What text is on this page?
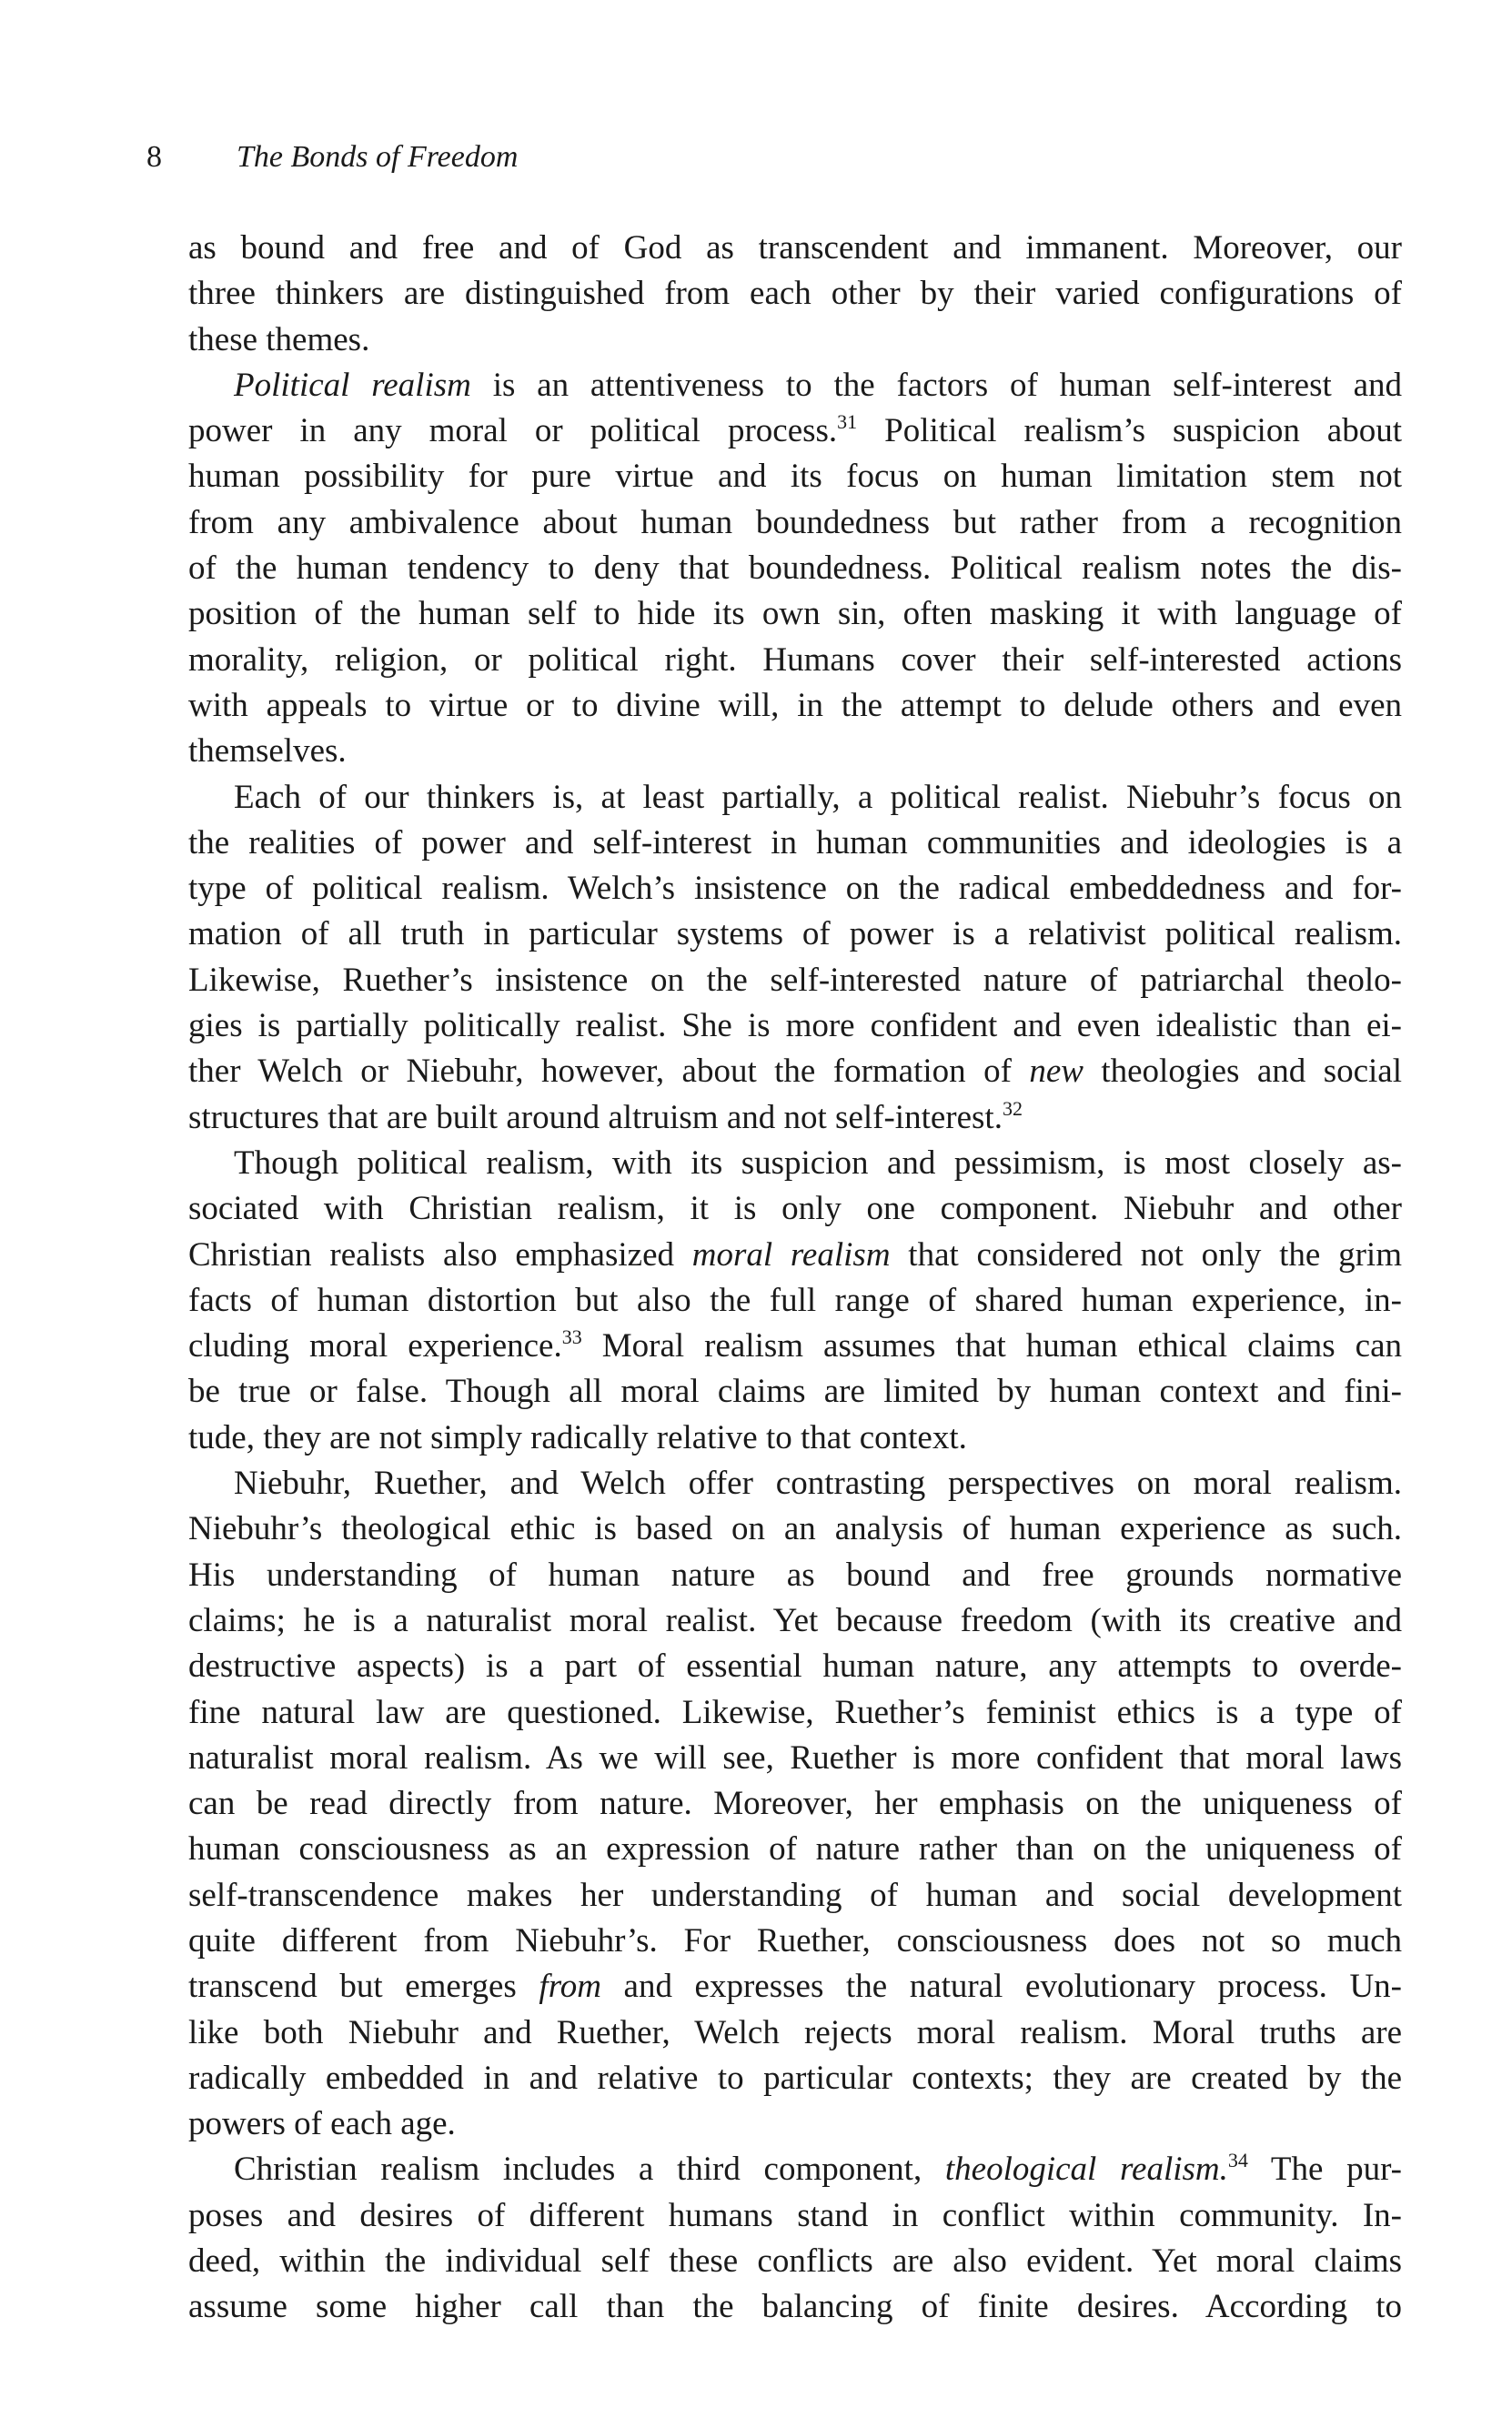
8 The Bonds of Freedom
as bound and free and of God as transcendent and immanent. Moreover, our
three thinkers are distinguished from each other by their varied configurations of
these themes.
Political realism is an attentiveness to the factors of human self-interest and
power in any moral or political process.$^{31}$ Political realism’s suspicion about
human possibility for pure virtue and its focus on human limitation stem not
from any ambivalence about human boundedness but rather from a recognition
of the human tendency to deny that boundedness. Political realism notes the dis-
position of the human self to hide its own sin, often masking it with language of
morality, religion, or political right. Humans cover their self-interested actions
with appeals to virtue or to divine will, in the attempt to delude others and even
themselves.
Each of our thinkers is, at least partially, a political realist. Niebuhr’s focus on
the realities of power and self-interest in human communities and ideologies is a
type of political realism. Welch’s insistence on the radical embeddedness and for-
mation of all truth in particular systems of power is a relativist political realism.
Likewise, Ruether’s insistence on the self-interested nature of patriarchal theolo-
gies is partially politically realist. She is more confident and even idealistic than ei-
ther Welch or Niebuhr, however, about the formation of new theologies and social
structures that are built around altruism and not self-interest.$^{32}$
Though political realism, with its suspicion and pessimism, is most closely as-
sociated with Christian realism, it is only one component. Niebuhr and other
Christian realists also emphasized moral realism that considered not only the grim
facts of human distortion but also the full range of shared human experience, in-
cluding moral experience.$^{33}$ Moral realism assumes that human ethical claims can
be true or false. Though all moral claims are limited by human context and fini-
tude, they are not simply radically relative to that context.
Niebuhr, Ruether, and Welch offer contrasting perspectives on moral realism.
Niebuhr’s theological ethic is based on an analysis of human experience as such.
His understanding of human nature as bound and free grounds normative
claims; he is a naturalist moral realist. Yet because freedom (with its creative and
destructive aspects) is a part of essential human nature, any attempts to overde-
fine natural law are questioned. Likewise, Ruether’s feminist ethics is a type of
naturalist moral realism. As we will see, Ruether is more confident that moral laws
can be read directly from nature. Moreover, her emphasis on the uniqueness of
human consciousness as an expression of nature rather than on the uniqueness of
self-transcendence makes her understanding of human and social development
quite different from Niebuhr’s. For Ruether, consciousness does not so much
transcend but emerges from and expresses the natural evolutionary process. Un-
like both Niebuhr and Ruether, Welch rejects moral realism. Moral truths are
radically embedded in and relative to particular contexts; they are created by the
powers of each age.
Christian realism includes a third component, theological realism.$^{34}$ The pur-
poses and desires of different humans stand in conflict within community. In-
deed, within the individual self these conflicts are also evident. Yet moral claims
assume some higher call than the balancing of finite desires. According to
